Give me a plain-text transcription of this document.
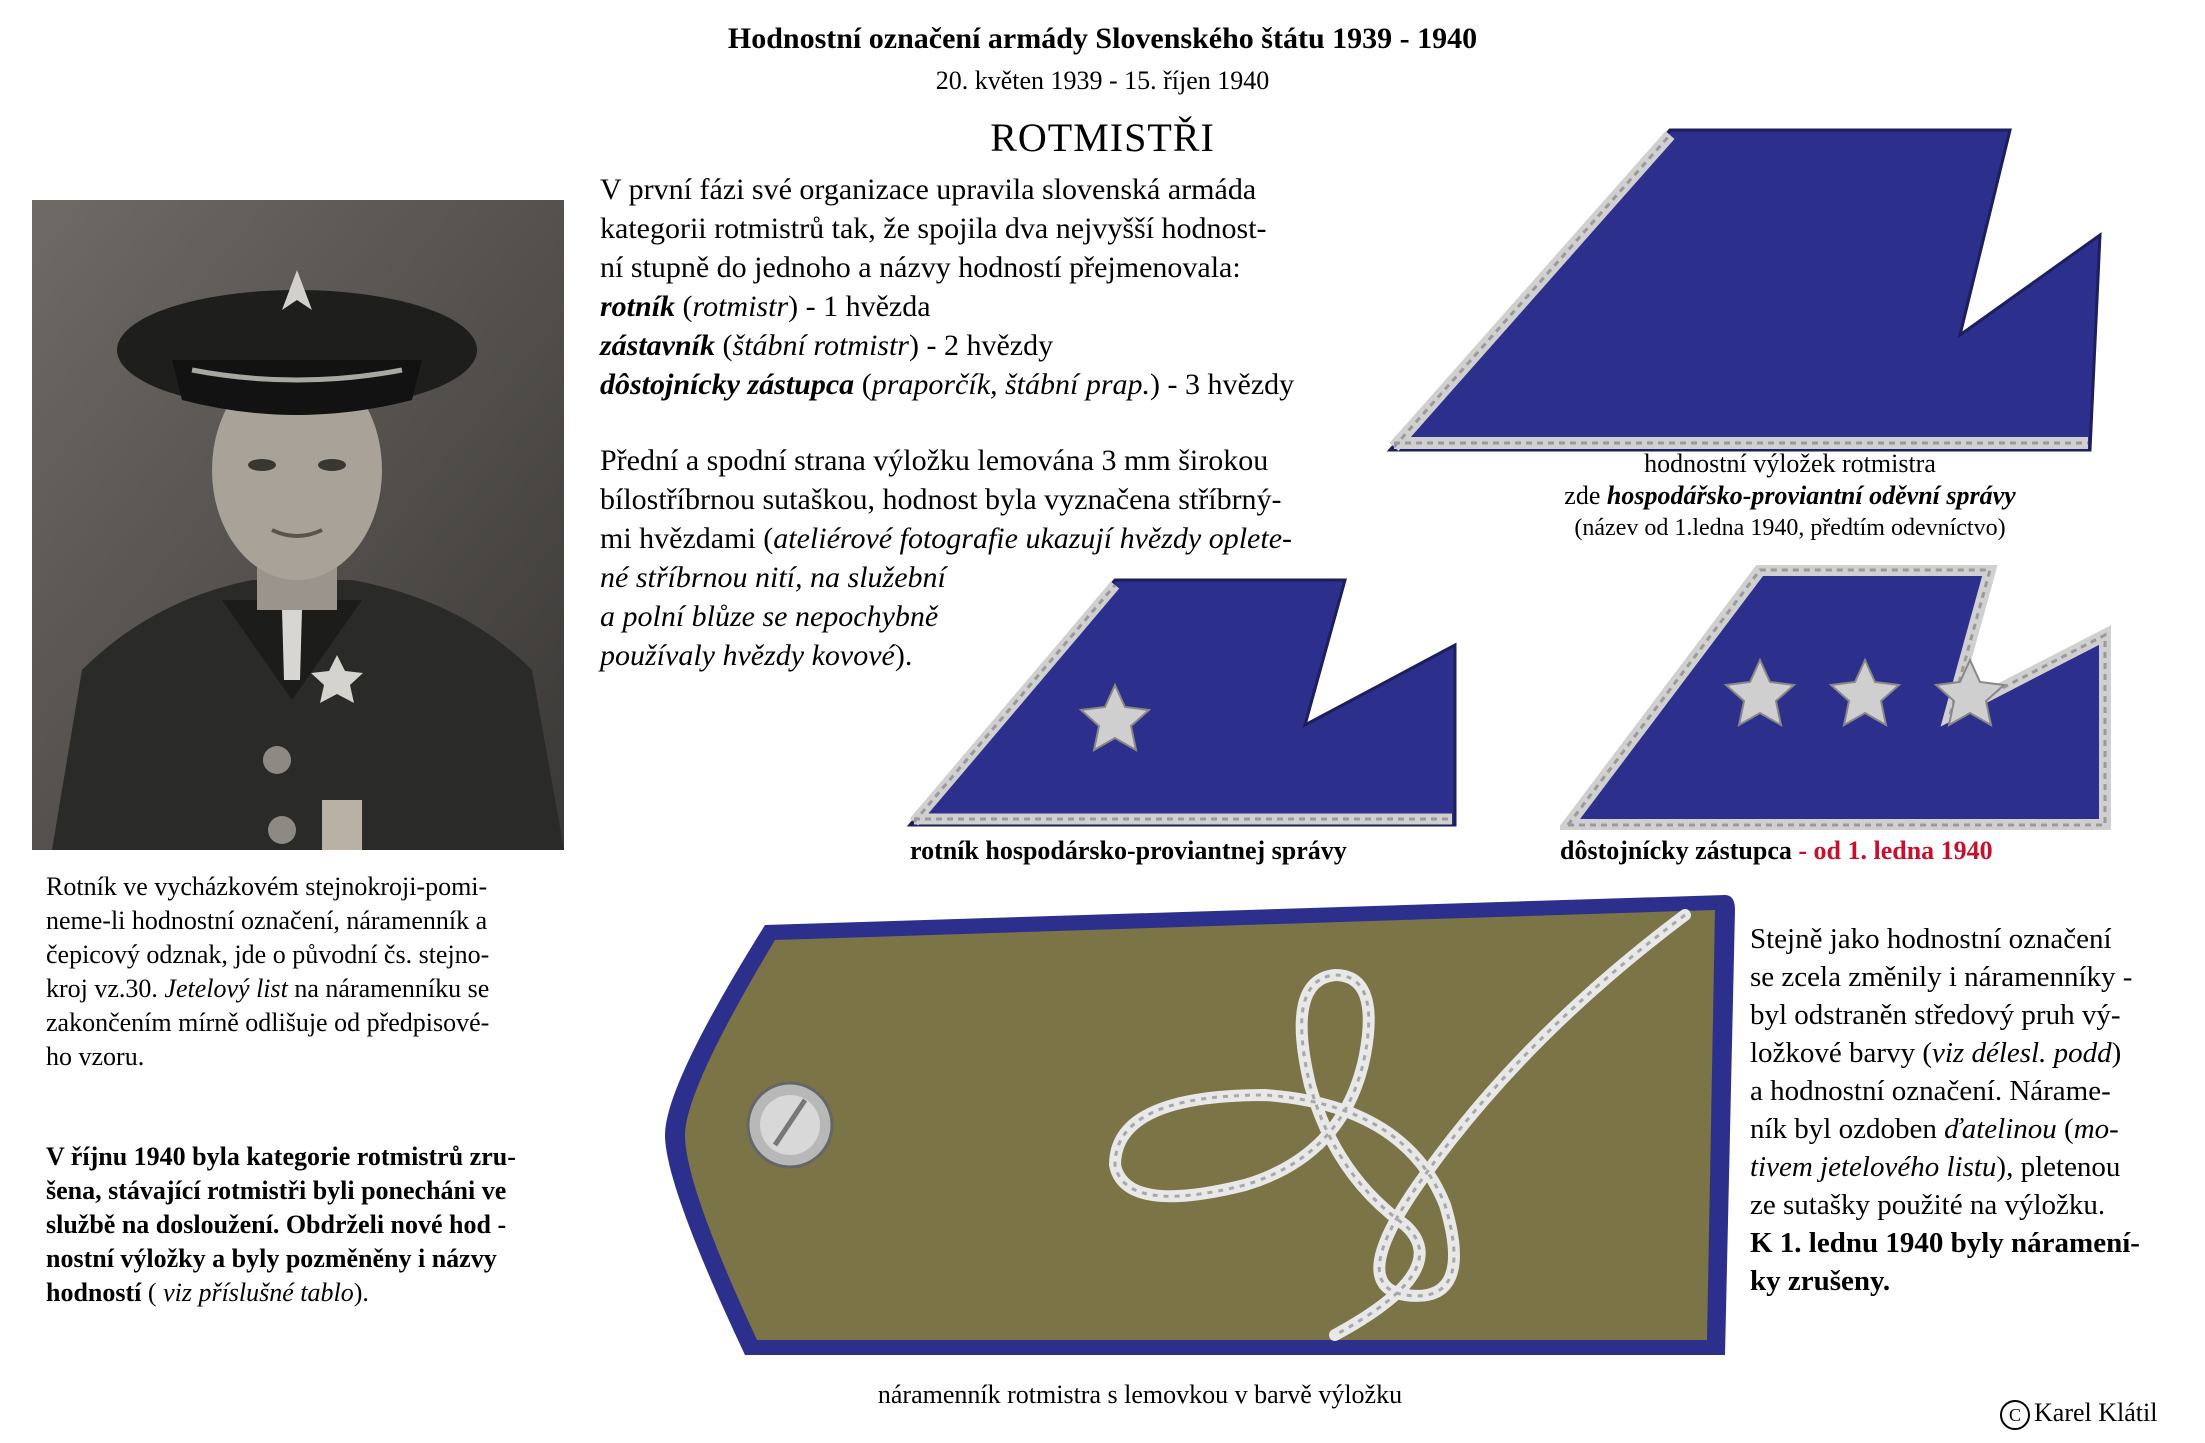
Hodnostní označení armády Slovenského štátu 1939 - 1940
20. květen 1939 - 15. říjen 1940
ROTMISTŘI

V první fázi své organizace upravila slovenská armáda

kategorii rotmistrů tak, že spojila dva nejvyšší hodnost-

ní stupně do jednoho a názvy hodností přejmenovala:

rotník (rotmistr) - 1 hvězda

zástavník (štábní rotmistr) - 2 hvězdy

dôstojnícky zástupca (praporčík, štábní prap.) - 3 hvězdy

Přední a spodní strana výložku lemována 3 mm širokou

bílostříbrnou sutaškou, hodnost byla vyznačena stříbrný-

mi hvězdami (ateliérové fotografie ukazují hvězdy oplete-

né stříbrnou nití, na služební

a polní blůze se nepochybně

používaly hvězdy kovové).

Rotník ve vycházkovém stejnokroji-pomi-

neme-li hodnostní označení, náramenník a

čepicový odznak, jde o původní čs. stejno-

kroj vz.30. Jetelový list na náramenníku se

zakončením mírně odlišuje od předpisové-

ho vzoru.

V říjnu 1940 byla kategorie rotmistrů zru-

šena, stávající rotmistři byli ponecháni ve

službě na dosloužení. Obdrželi nové hod -

nostní výložky a byly pozměněny i názvy

hodností ( viz příslušné tablo).

hodnostní výložek rotmistra
zde hospodářsko-proviantní oděvní správy
(název od 1.ledna 1940, předtím odevníctvo)
rotník hospodársko-proviantnej správy	dôstojnícky zástupca - od 1. ledna 1940

Stejně jako hodnostní označení

se zcela změnily i náramenníky -

byl odstraněn středový pruh vý-

ložkové barvy (viz délesl. podd)

a hodnostní označení. Nárame-

ník byl ozdoben ďatelinou (mo-

tivem jetelového listu), pletenou

ze sutašky použité na výložku.

K 1. lednu 1940 byly náramení-

ky zrušeny.

náramenník rotmistra s lemovkou v barvě výložku
C Karel Klátil
